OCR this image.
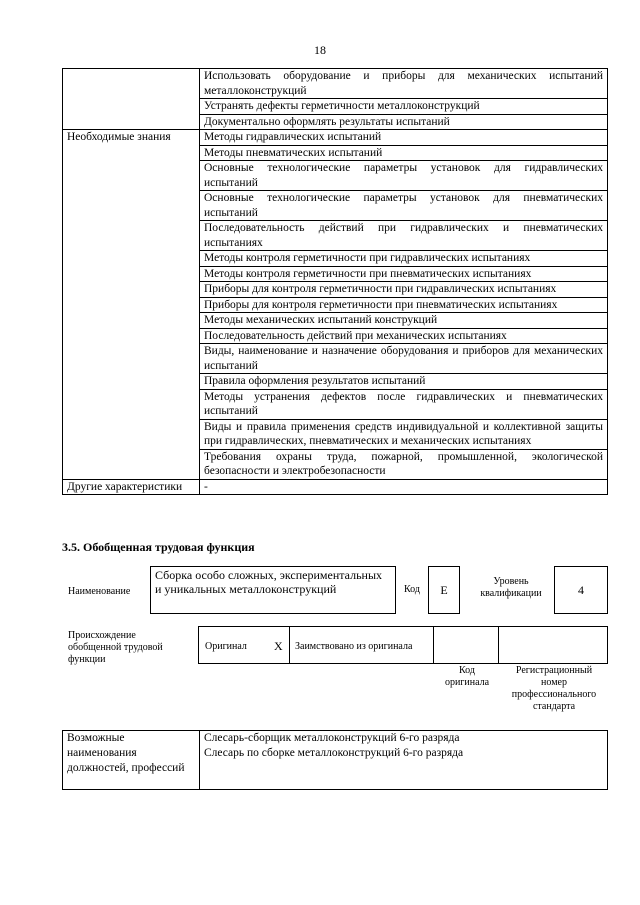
18
	Использовать оборудование и приборы для механических испытаний металлоконструкций
	Устранять дефекты герметичности металлоконструкций
	Документально оформлять результаты испытаний
Необходимые знания	Методы гидравлических испытаний
	Методы пневматических испытаний
	Основные технологические параметры установок для гидравлических испытаний
	Основные технологические параметры установок для пневматических испытаний
	Последовательность действий при гидравлических и пневматических испытаниях
	Методы контроля герметичности при гидравлических испытаниях
	Методы контроля герметичности при пневматических испытаниях
	Приборы для контроля герметичности при гидравлических испытаниях
	Приборы для контроля герметичности при пневматических испытаниях
	Методы механических испытаний конструкций
	Последовательность действий при механических испытаниях
	Виды, наименование и назначение оборудования и приборов для механических испытаний
	Правила оформления результатов испытаний
	Методы устранения дефектов после гидравлических и пневматических испытаний
	Виды и правила применения средств индивидуальной и коллективной защиты при гидравлических, пневматических и механических испытаниях
	Требования охраны труда, пожарной, промышленной, экологической безопасности и электробезопасности
Другие характеристики	-
3.5. Обобщенная трудовая функция
Наименование
Сборка особо сложных, экспериментальных и уникальных металлоконструкций	Код	E
Уровень квалификации	4
Происхождение обобщенной трудовой функции
Оригинал X Заимствовано из оригинала
Код оригинала
Регистрационный номер профессионального стандарта
Возможные наименования должностей, профессий	
Слесарь-сборщик металлоконструкций 6-го разряда
Слесарь по сборке металлоконструкций 6-го разряда
